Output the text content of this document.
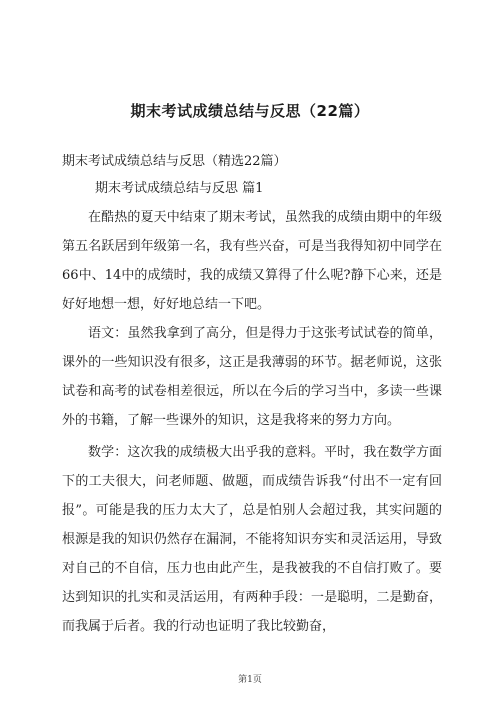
期末考试成绩总结与反思（22篇）
期末考试成绩总结与反思（精选22篇）
期末考试成绩总结与反思 篇1

在酷热的夏天中结束了期末考试，虽然我的成绩由期中的年级第五名跃居到年级第一名，我有些兴奋，可是当我得知初中同学在66中、14中的成绩时，我的成绩又算得了什么呢?静下心来，还是好好地想一想，好好地总结一下吧。

语文：虽然我拿到了高分，但是得力于这张考试试卷的简单，课外的一些知识没有很多，这正是我薄弱的环节。据老师说，这张试卷和高考的试卷相差很远，所以在今后的学习当中，多读一些课外的书籍，了解一些课外的知识，这是我将来的努力方向。

数学：这次我的成绩极大出乎我的意料。平时，我在数学方面下的工夫很大，问老师题、做题，而成绩告诉我“付出不一定有回报”。可能是我的压力太大了，总是怕别人会超过我，其实问题的根源是我的知识仍然存在漏洞，不能将知识夯实和灵活运用，导致对自己的不自信，压力也由此产生，是我被我的不自信打败了。要达到知识的扎实和灵活运用，有两种手段：一是聪明，二是勤奋，而我属于后者。我的行动也证明了我比较勤奋，

第1页
